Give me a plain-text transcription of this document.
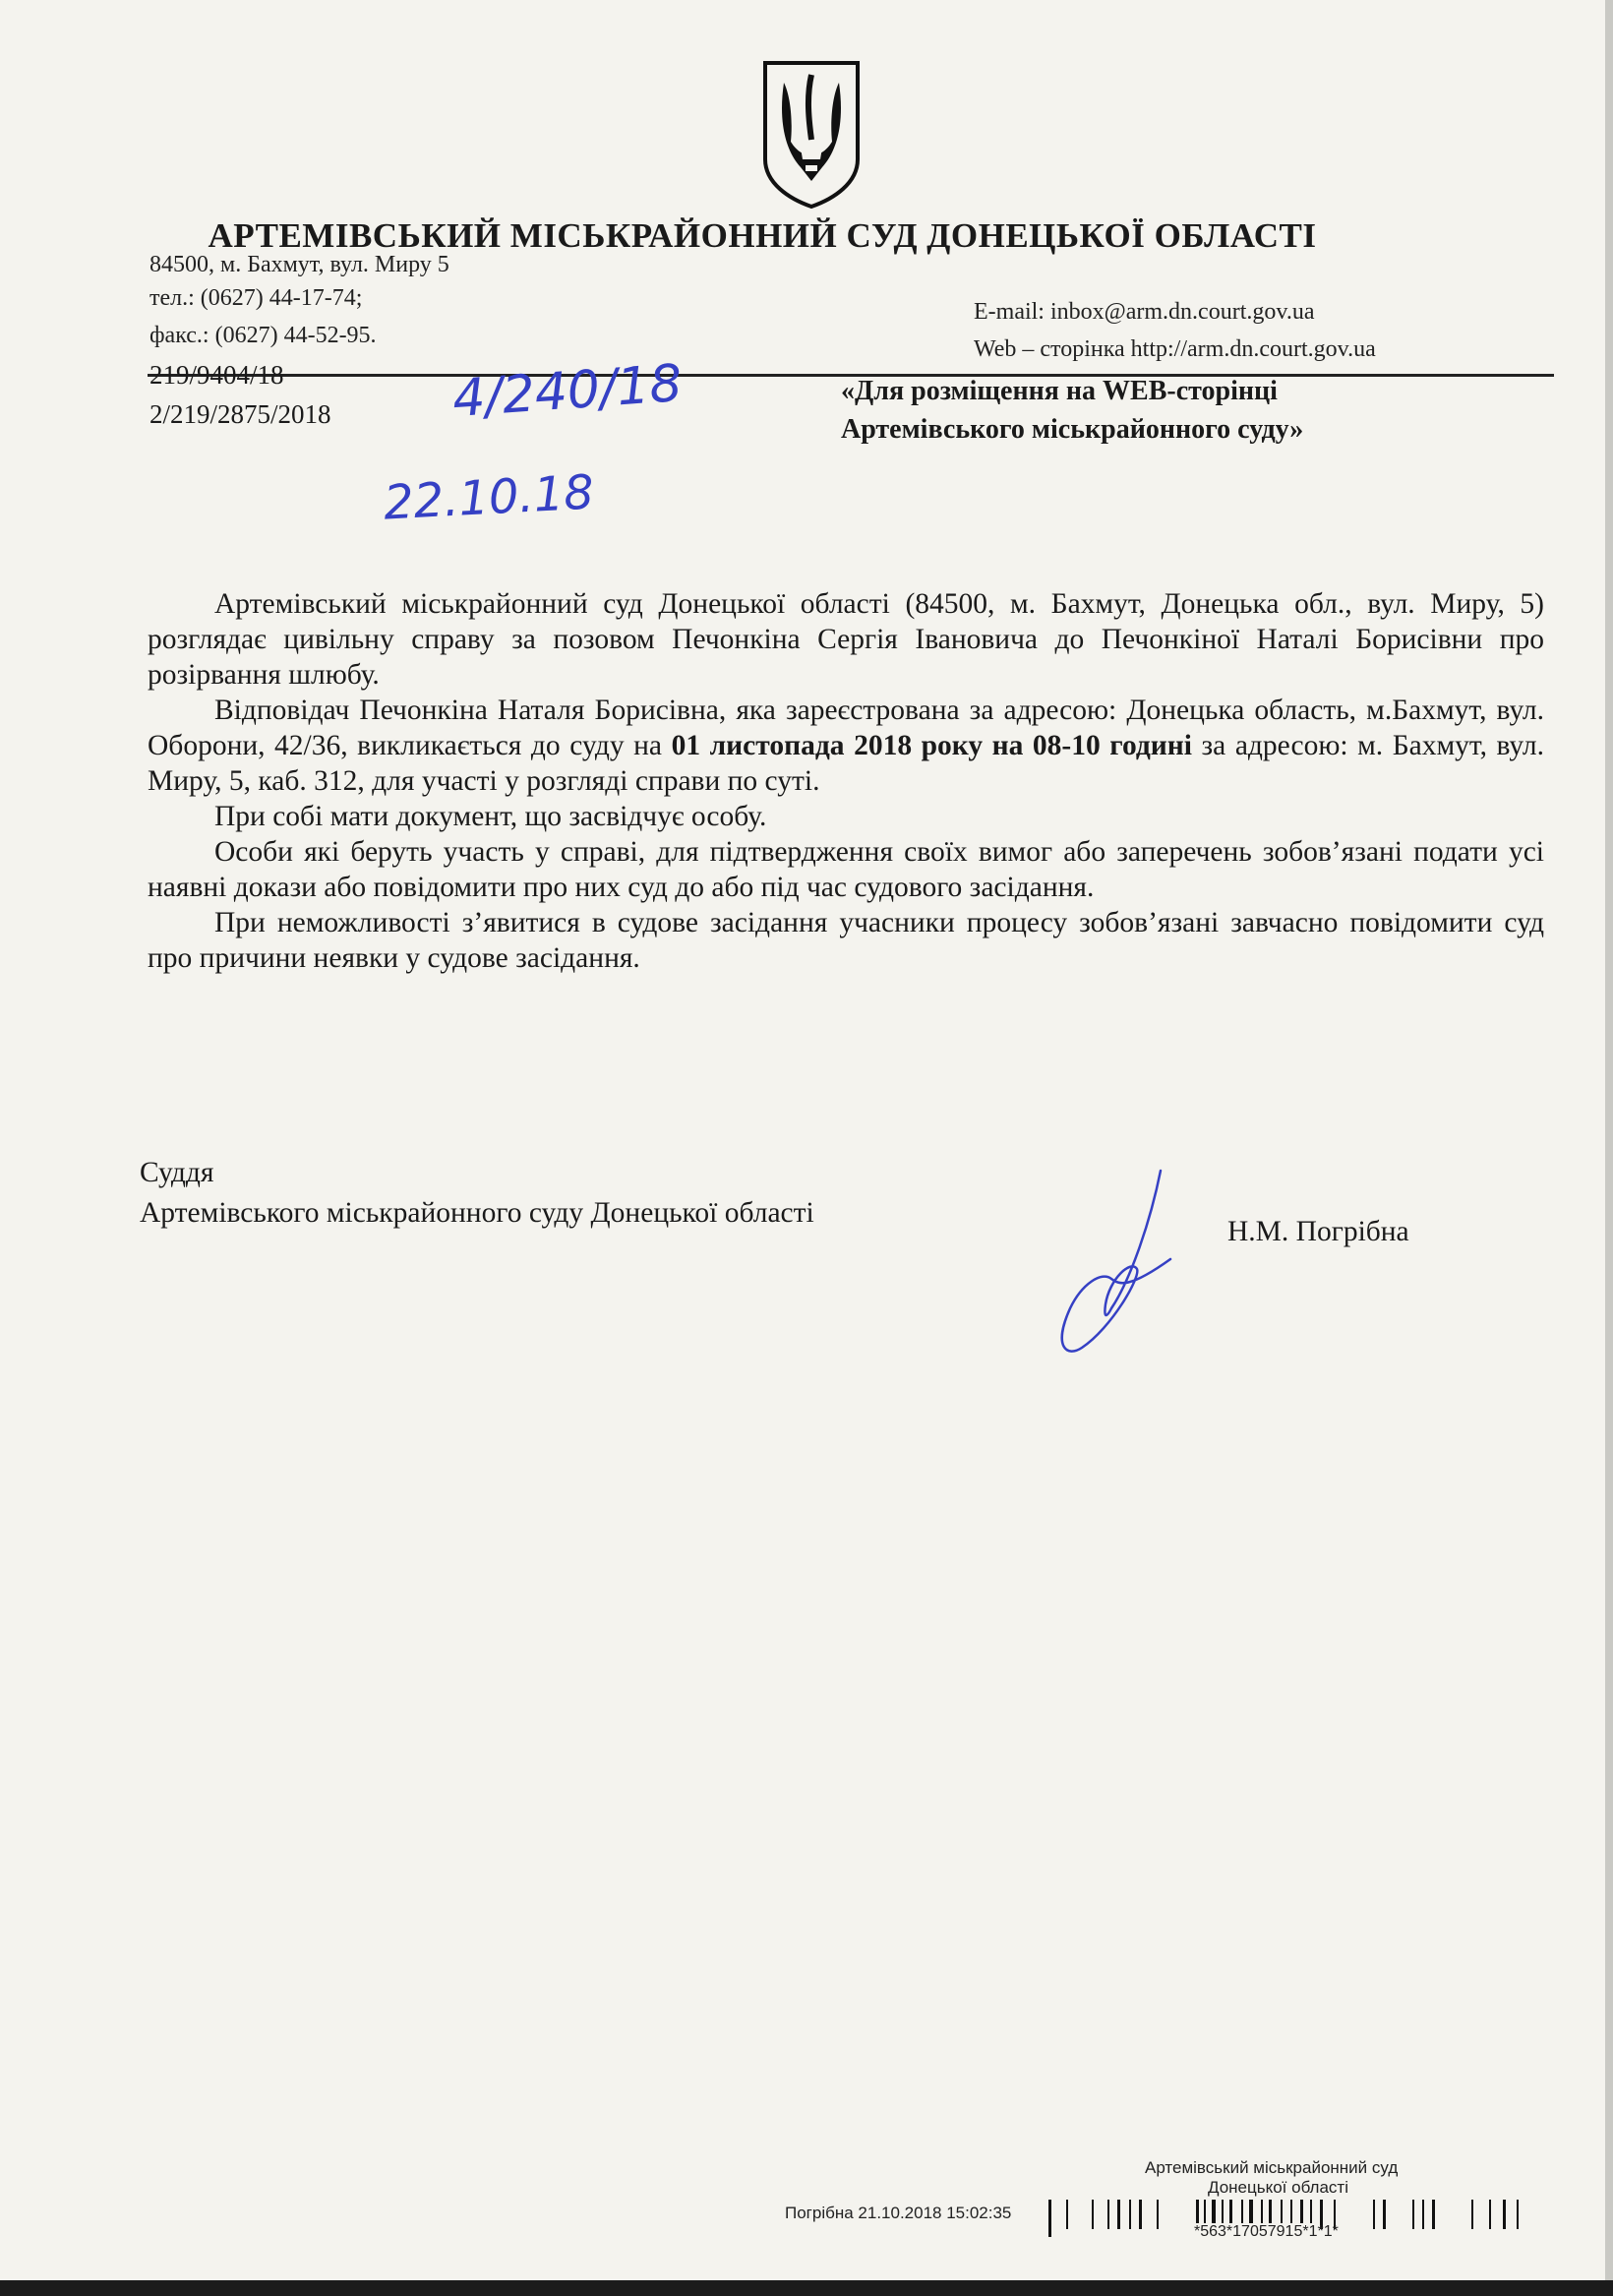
АРТЕМІВСЬКИЙ МІСЬКРАЙОННИЙ СУД ДОНЕЦЬКОЇ ОБЛАСТІ
84500, м. Бахмут, вул. Миру 5
тел.: (0627) 44-17-74;
факс.: (0627) 44-52-95.
E-mail: inbox@arm.dn.court.gov.ua
Web – сторінка http://arm.dn.court.gov.ua
219/9404/18
2/219/2875/2018 4/240/18
22.10.18
«Для розміщення на WEB-сторінці
Артемівського міськрайонного суду»

Артемівський міськрайонний суд Донецької області (84500, м. Бахмут, Донецька обл., вул. Миру, 5) розглядає цивільну справу за позовом Печонкіна Сергія Івановича до Печонкіної Наталі Борисівни про розірвання шлюбу.

Відповідач Печонкіна Наталя Борисівна, яка зареєстрована за адресою: Донецька область, м.Бахмут, вул. Оборони, 42/36, викликається до суду на 01 листопада 2018 року на 08-10 годині за адресою: м. Бахмут, вул. Миру, 5, каб. 312, для участі у розгляді справи по суті.

При собі мати документ, що засвідчує особу.

Особи які беруть участь у справі, для підтвердження своїх вимог або заперечень зобов’язані подати усі наявні докази або повідомити про них суд до або під час судового засідання.

При неможливості з’явитися в судове засідання учасники процесу зобов’язані завчасно повідомити суд про причини неявки у судове засідання.

Суддя
Артемівського міськрайонного суду Донецької області
Н.М. Погрібна
Артемівський міськрайонний суд
Донецької області
Погрібна 21.10.2018 15:02:35
*563*17057915*1*1*
